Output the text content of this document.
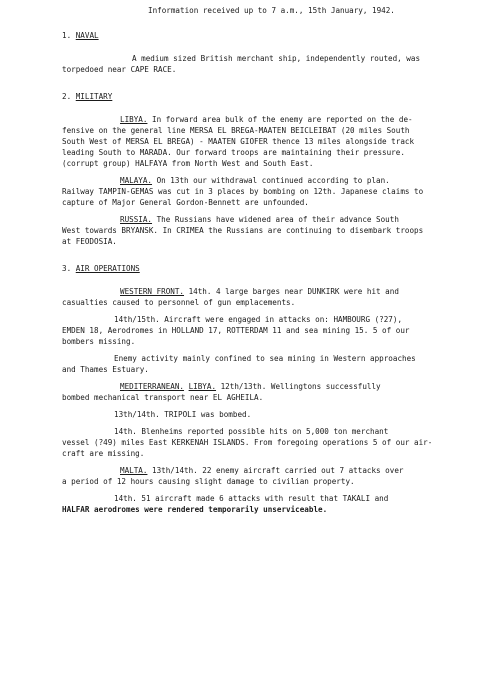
Information received up to 7 a.m., 15th January, 1942.

1. NAVAL

A medium sized British merchant ship, independently routed, was

torpedoed near CAPE RACE.

2. MILITARY

LIBYA. In forward area bulk of the enemy are reported on the de-

fensive on the general line MERSA EL BREGA-MAATEN BEICLEIBAT (20 miles South

South West of MERSA EL BREGA) - MAATEN GIOFER thence 13 miles alongside track

leading South to MARADA. Our forward troops are maintaining their pressure.

(corrupt group) HALFAYA from North West and South East.

MALAYA. On 13th our withdrawal continued according to plan.

Railway TAMPIN-GEMAS was cut in 3 places by bombing on 12th. Japanese claims to

capture of Major General Gordon-Bennett are unfounded.

RUSSIA. The Russians have widened area of their advance South

West towards BRYANSK. In CRIMEA the Russians are continuing to disembark troops

at FEODOSIA.

3. AIR OPERATIONS

WESTERN FRONT. 14th. 4 large barges near DUNKIRK were hit and

casualties caused to personnel of gun emplacements.

14th/15th. Aircraft were engaged in attacks on: HAMBOURG (?27),

EMDEN 18, Aerodromes in HOLLAND 17, ROTTERDAM 11 and sea mining 15. 5 of our

bombers missing.

Enemy activity mainly confined to sea mining in Western approaches

and Thames Estuary.

MEDITERRANEAN. LIBYA. 12th/13th. Wellingtons successfully

bombed mechanical transport near EL AGHEILA.

13th/14th. TRIPOLI was bombed.

14th. Blenheims reported possible hits on 5,000 ton merchant

vessel (?49) miles East KERKENAH ISLANDS. From foregoing operations 5 of our air-

craft are missing.

MALTA. 13th/14th. 22 enemy aircraft carried out 7 attacks over

a period of 12 hours causing slight damage to civilian property.

14th. 51 aircraft made 6 attacks with result that TAKALI and

HALFAR aerodromes were rendered temporarily unserviceable.
